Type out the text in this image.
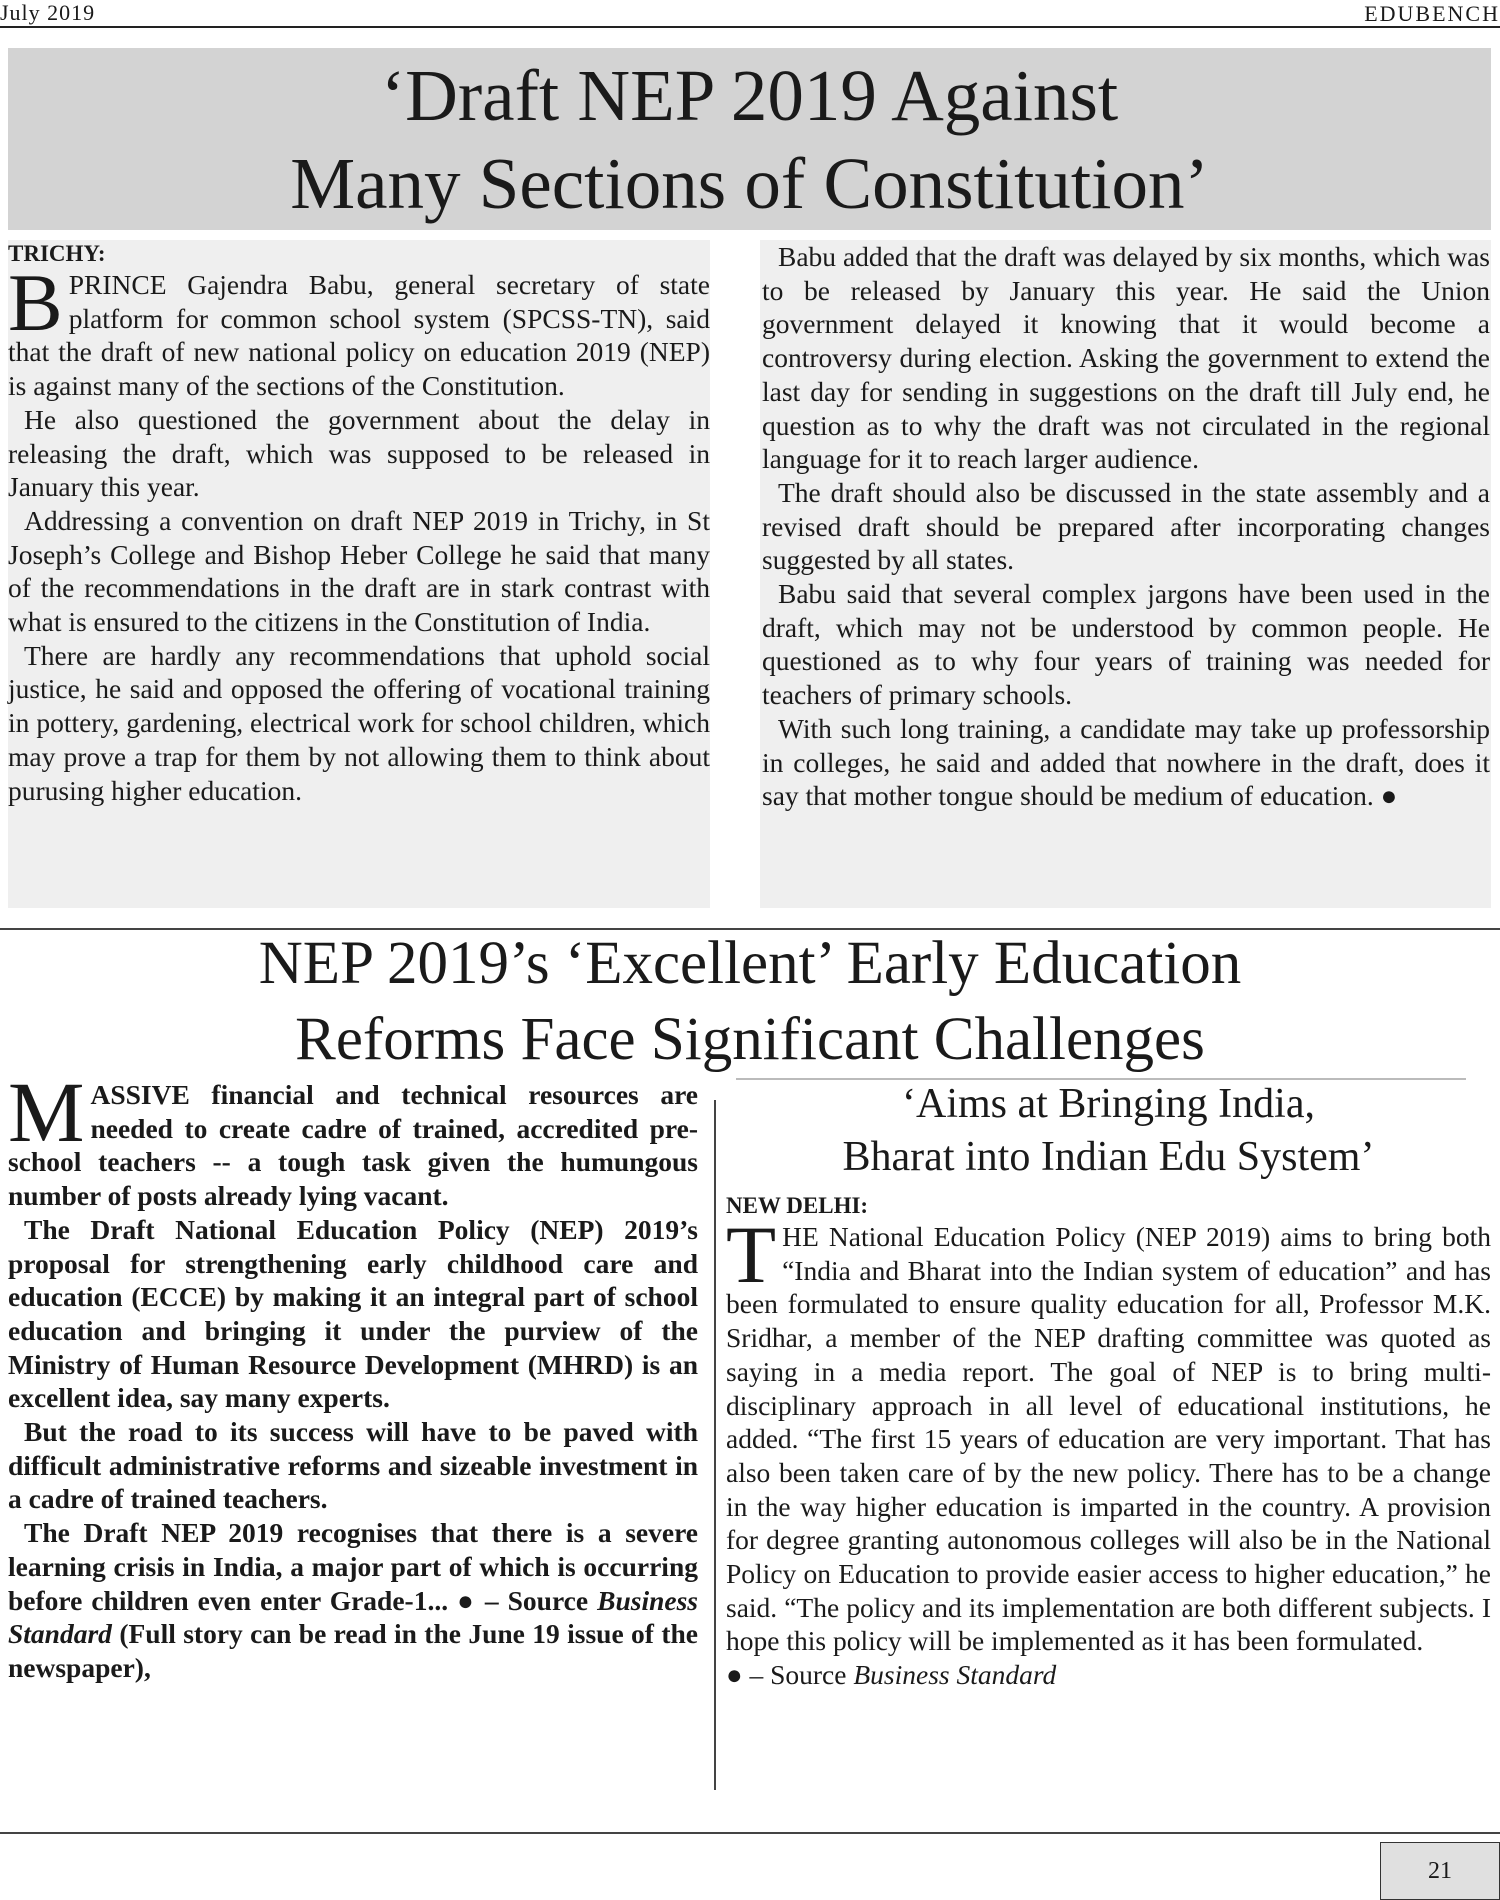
July 2019	EDUBENCH
‘Draft NEP 2019 Against
Many Sections of Constitution’

TRICHY:

BPRINCE Gajendra Babu, general secretary of state platform for common school system (SPCSS-TN), said that the draft of new national policy on education 2019 (NEP) is against many of the sections of the Constitution.

He also questioned the government about the delay in releasing the draft, which was supposed to be released in January this year.

Addressing a convention on draft NEP 2019 in Trichy, in St Joseph’s College and Bishop Heber College he said that many of the recommendations in the draft are in stark contrast with what is ensured to the citizens in the Constitution of India.

There are hardly any recommendations that uphold social justice, he said and opposed the offering of vocational training in pottery, gardening, electrical work for school children, which may prove a trap for them by not allowing them to think about purusing higher education.

Babu added that the draft was delayed by six months, which was to be released by January this year. He said the Union government delayed it knowing that it would become a controversy during election. Asking the government to extend the last day for sending in suggestions on the draft till July end, he question as to why the draft was not circulated in the regional language for it to reach larger audience.

The draft should also be discussed in the state assembly and a revised draft should be prepared after incorporating changes suggested by all states.

Babu said that several complex jargons have been used in the draft, which may not be understood by common people. He questioned as to why four years of training was needed for teachers of primary schools.

With such long training, a candidate may take up professorship in colleges, he said and added that nowhere in the draft, does it say that mother tongue should be medium of education. ●

NEP 2019’s ‘Excellent’ Early Education
Reforms Face Significant Challenges

MASSIVE financial and technical resources are needed to create cadre of trained, accredited pre-school teachers -- a tough task given the humungous number of posts already lying vacant.

The Draft National Education Policy (NEP) 2019’s proposal for strengthening early childhood care and education (ECCE) by making it an integral part of school education and bringing it under the purview of the Ministry of Human Resource Development (MHRD) is an excellent idea, say many experts.

But the road to its success will have to be paved with difficult administrative reforms and sizeable investment in a cadre of trained teachers.

The Draft NEP 2019 recognises that there is a severe learning crisis in India, a major part of which is occurring before children even enter Grade-1... ● – Source Business Standard (Full story can be read in the June 19 issue of the newspaper),

‘Aims at Bringing India,
Bharat into Indian Edu System’

NEW DELHI:

THE National Education Policy (NEP 2019) aims to bring both “India and Bharat into the Indian system of education” and has been formulated to ensure quality education for all, Professor M.K. Sridhar, a member of the NEP drafting committee was quoted as saying in a media report. The goal of NEP is to bring multidisciplinary approach in all level of educational institutions, he added. “The first 15 years of education are very important. That has also been taken care of by the new policy. There has to be a change in the way higher education is imparted in the country. A provision for degree granting autonomous colleges will also be in the National Policy on Education to provide easier access to higher education,” he said. “The policy and its implementation are both different subjects. I hope this policy will be implemented as it has been formulated.

● – Source Business Standard

21
